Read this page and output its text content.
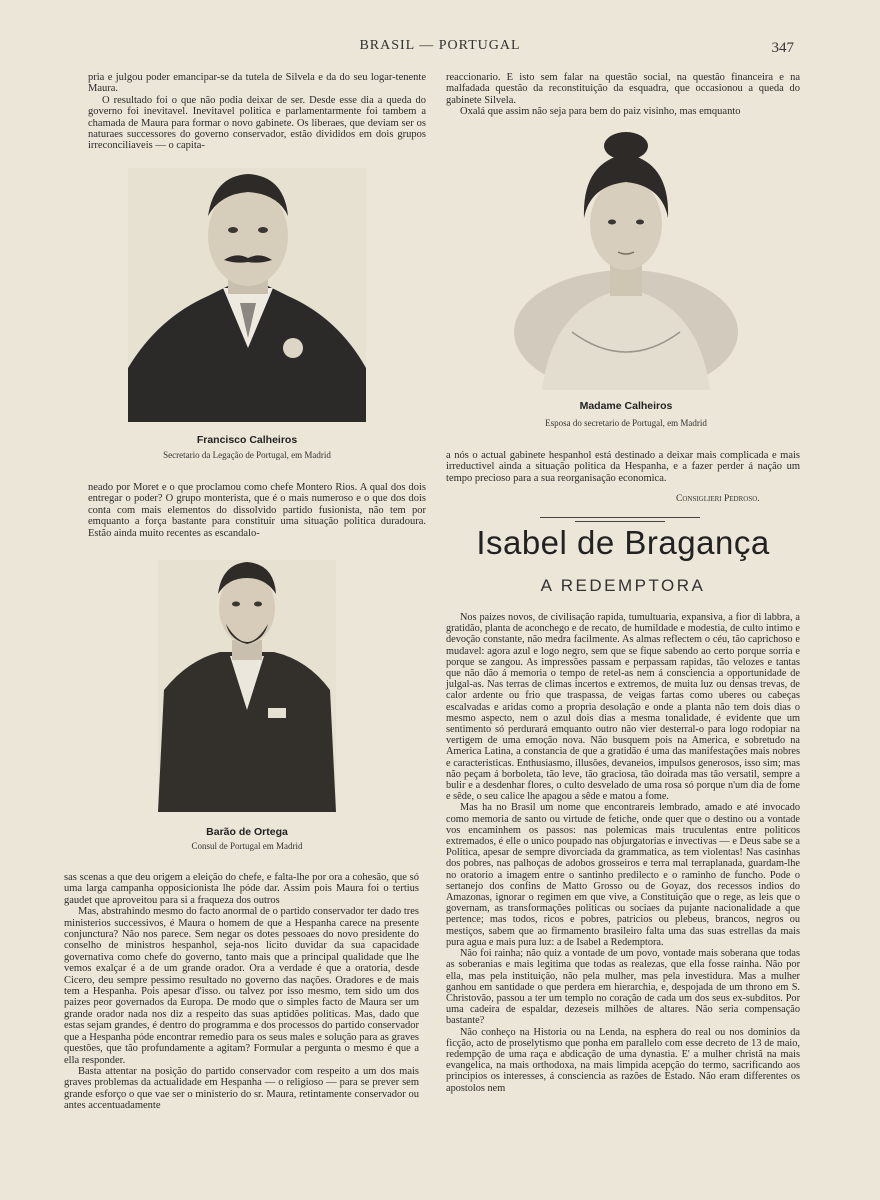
BRASIL — PORTUGAL	347

pria e julgou poder emancipar-se da tutela de Silvela e da do seu logar-tenente Maura.

O resultado foi o que não podia deixar de ser. Desde esse dia a queda do governo foi inevitavel. Inevitavel politica e parlamentarmente foi tambem a chamada de Maura para formar o novo gabinete. Os liberaes, que deviam ser os naturaes successores do governo conservador, estão divididos em dois grupos irreconciliaveis — o capita-

Francisco Calheiros
Secretario da Legação de Portugal, em Madrid

neado por Moret e o que proclamou como chefe Montero Rios. A qual dos dois entregar o poder? O grupo monterista, que é o mais numeroso e o que dos dois conta com mais elementos do dissolvido partido fusionista, não tem por emquanto a força bastante para constituir uma situação politica duradoura. Estão ainda muito recentes as escandalo-

Barão de Ortega
Consul de Portugal em Madrid

sas scenas a que deu origem a eleição do chefe, e falta-lhe por ora a cohesão, que só uma larga campanha opposicionista lhe póde dar. Assim pois Maura foi o tertius gaudet que aproveitou para si a fraqueza dos outros

Mas, abstrahindo mesmo do facto anormal de o partido conservador ter dado tres ministerios successivos, é Maura o homem de que a Hespanha carece na presente conjunctura? Não nos parece. Sem negar os dotes pessoaes do novo presidente do conselho de ministros hespanhol, seja-nos licito duvidar da sua capacidade governativa como chefe do governo, tanto mais que a principal qualidade que lhe vemos exalçar é a de um grande orador. Ora a verdade é que a oratoria, desde Cicero, deu sempre pessimo resultado no governo das nações. Oradores e de mais tem a Hespanha. Pois apesar d'isso. ou talvez por isso mesmo, tem sido um dos paizes peor governados da Europa. De modo que o simples facto de Maura ser um grande orador nada nos diz a respeito das suas aptidões politicas. Mas, dado que estas sejam grandes, é dentro do programma e dos processos do partido conservador que a Hespanha póde encontrar remedio para os seus males e solução para as graves questões, que tão profundamente a agitam? Formular a pergunta o mesmo é que a ella responder.

Basta attentar na posição do partido conservador com respeito a um dos mais graves problemas da actualidade em Hespanha — o religioso — para se prever sem grande esforço o que vae ser o ministerio do sr. Maura, retintamente conservador ou antes accentuadamente

reaccionario. E isto sem falar na questão social, na questão financeira e na malfadada questão da reconstituição da esquadra, que occasionou a queda do gabinete Silvela.

Oxalá que assim não seja para bem do paiz visinho, mas emquanto

Madame Calheiros
Esposa do secretario de Portugal, em Madrid

a nós o actual gabinete hespanhol está destinado a deixar mais complicada e mais irreductivel ainda a situação politica da Hespanha, e a fazer perder á nação um tempo precioso para a sua reorganisação economica.

Consiglieri Pedroso.
Isabel de Bragança
A REDEMPTORA

Nos paizes novos, de civilisação rapida, tumultuaria, expansiva, a fior di labbra, a gratidão, planta de aconchego e de recato, de humildade e modestia, de culto intimo e devoção constante, não medra facilmente. As almas reflectem o céu, tão caprichoso e mudavel: agora azul e logo negro, sem que se fique sabendo ao certo porque sorria e porque se zangou. As impressões passam e perpassam rapidas, tão velozes e tantas que não dão á memoria o tempo de retel-as nem á consciencia a opportunidade de julgal-as. Nas terras de climas incertos e extremos, de muita luz ou densas trevas, de calor ardente ou frio que traspassa, de veigas fartas como uberes ou cabeças escalvadas e aridas como a propria desolação e onde a planta não tem dois dias o mesmo aspecto, nem o azul dois dias a mesma tonalidade, é evidente que um sentimento só perdurará emquanto outro não vier desterral-o para logo rodopiar na vertigem de uma emoção nova. Não busquem pois na America, e sobretudo na America Latina, a constancia de que a gratidão é uma das manifestações mais nobres e caracteristicas. Enthusiasmo, illusões, devaneios, impulsos generosos, isso sim; mas não peçam á borboleta, tão leve, tão graciosa, tão doirada mas tão versatil, sempre a bulir e a desdenhar flores, o culto desvelado de uma rosa só porque n'um dia de fome e sêde, o seu calice lhe apagou a sêde e matou a fome.

Mas ha no Brasil um nome que encontrareis lembrado, amado e até invocado como memoria de santo ou virtude de fetiche, onde quer que o destino ou a vontade vos encaminhem os passos: nas polemicas mais truculentas entre politicos extremados, é elle o unico poupado nas objurgatorias e invectivas — e Deus sabe se a Politica, apesar de sempre divorciada da grammatica, as tem violentas! Nas casinhas dos pobres, nas palhoças de adobos grosseiros e terra mal terraplanada, guardam-lhe no oratorio a imagem entre o santinho predilecto e o raminho de funcho. Pode o sertanejo dos confins de Matto Grosso ou de Goyaz, dos recessos indios do Amazonas, ignorar o regimen em que vive, a Constituição que o rege, as leis que o governam, as transformações politicas ou sociaes da pujante nacionalidade a que pertence; mas todos, ricos e pobres, patricios ou plebeus, brancos, negros ou mestiços, sabem que ao firmamento brasileiro falta uma das suas estrellas da mais pura agua e mais pura luz: a de Isabel a Redemptora.

Não foi rainha; não quiz a vontade de um povo, vontade mais soberana que todas as soberanias e mais legitima que todas as realezas, que ella fosse rainha. Não por ella, mas pela instituição, não pela mulher, mas pela investidura. Mas a mulher ganhou em santidade o que perdera em hierarchia, e, despojada de um throno em S. Christovão, passou a ter um templo no coração de cada um dos seus ex-subditos. Por uma cadeira de espaldar, dezeseis milhões de altares. Não seria compensação bastante?

Não conheço na Historia ou na Lenda, na esphera do real ou nos dominios da ficção, acto de proselytismo que ponha em parallelo com esse decreto de 13 de maio, redempção de uma raça e abdicação de uma dynastia. E' a mulher christã na mais evangelica, na mais orthodoxa, na mais limpida acepção do termo, sacrificando aos principios os interesses, á consciencia as razões de Estado. Não eram differentes os apostolos nem
